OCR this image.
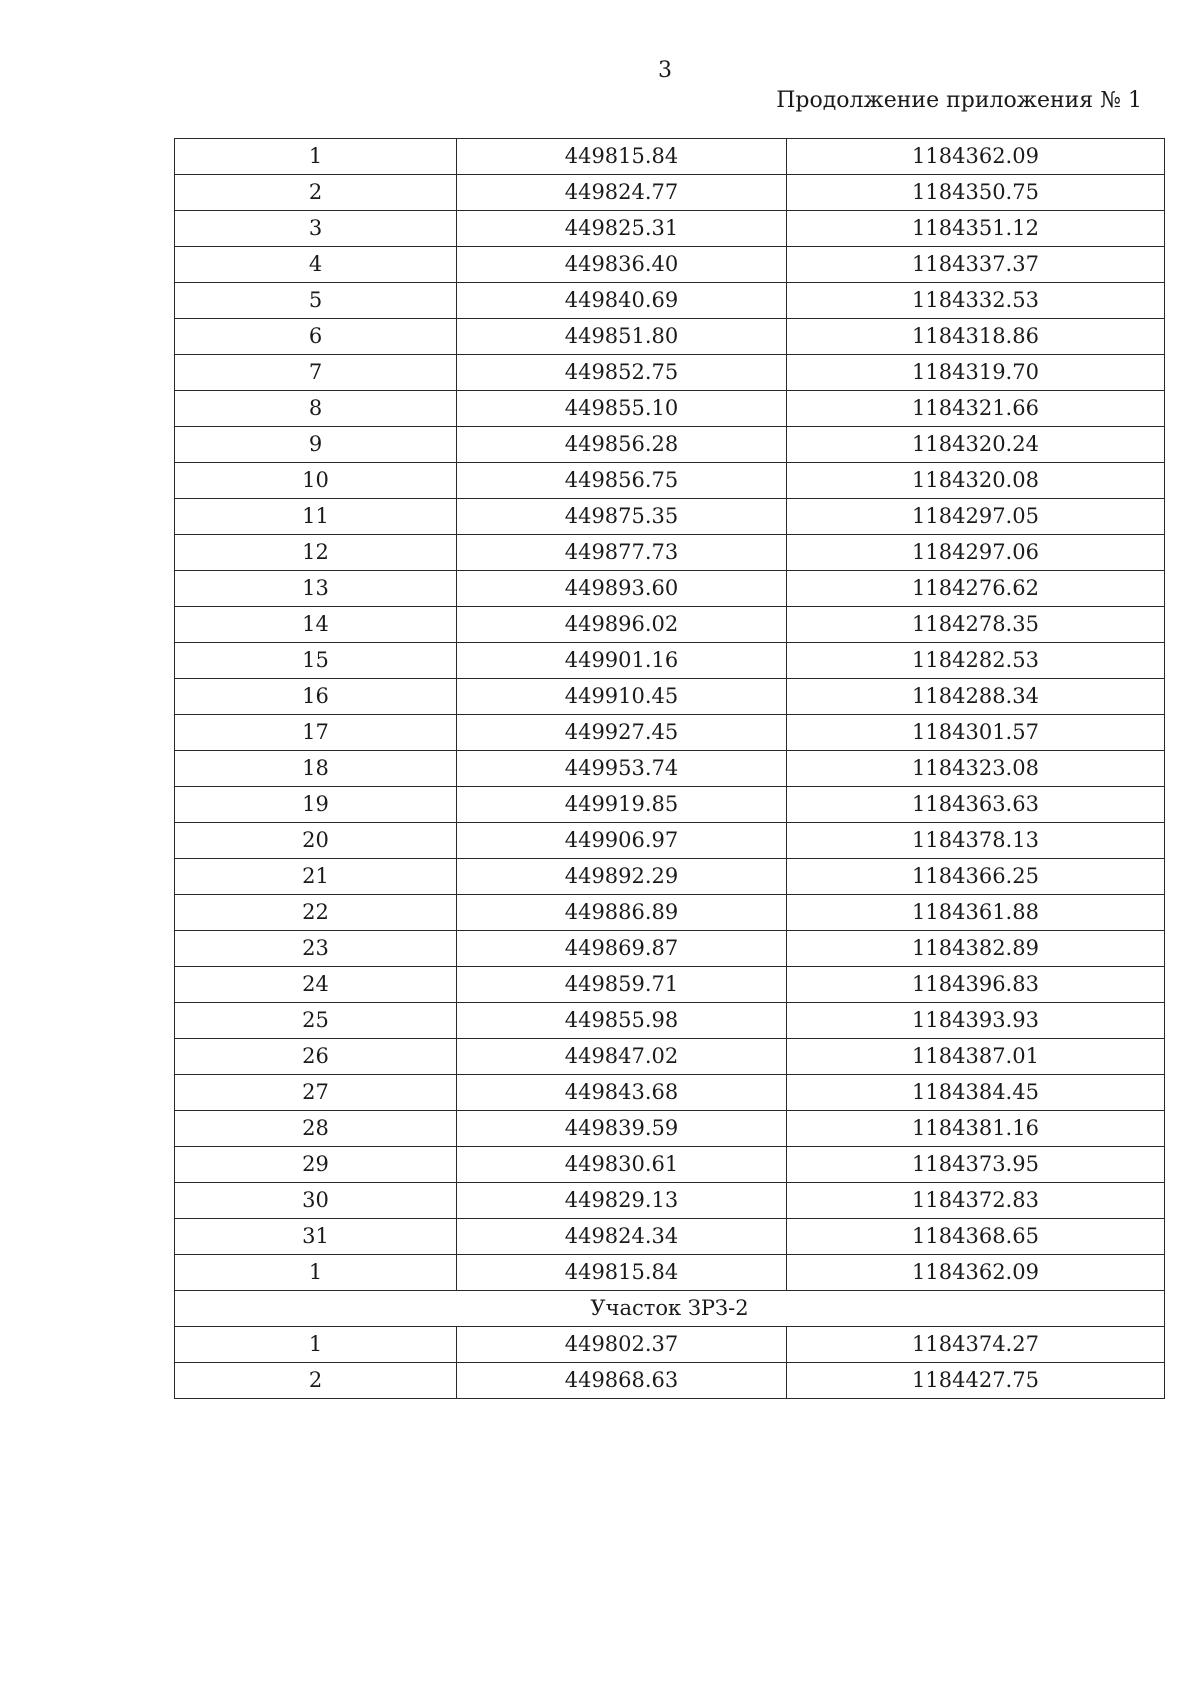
3
Продолжение приложения № 1
1	449815.84	1184362.09
2	449824.77	1184350.75
3	449825.31	1184351.12
4	449836.40	1184337.37
5	449840.69	1184332.53
6	449851.80	1184318.86
7	449852.75	1184319.70
8	449855.10	1184321.66
9	449856.28	1184320.24
10	449856.75	1184320.08
11	449875.35	1184297.05
12	449877.73	1184297.06
13	449893.60	1184276.62
14	449896.02	1184278.35
15	449901.16	1184282.53
16	449910.45	1184288.34
17	449927.45	1184301.57
18	449953.74	1184323.08
19	449919.85	1184363.63
20	449906.97	1184378.13
21	449892.29	1184366.25
22	449886.89	1184361.88
23	449869.87	1184382.89
24	449859.71	1184396.83
25	449855.98	1184393.93
26	449847.02	1184387.01
27	449843.68	1184384.45
28	449839.59	1184381.16
29	449830.61	1184373.95
30	449829.13	1184372.83
31	449824.34	1184368.65
1	449815.84	1184362.09
Участок ЗРЗ-2		
1	449802.37	1184374.27
2	449868.63	1184427.75
